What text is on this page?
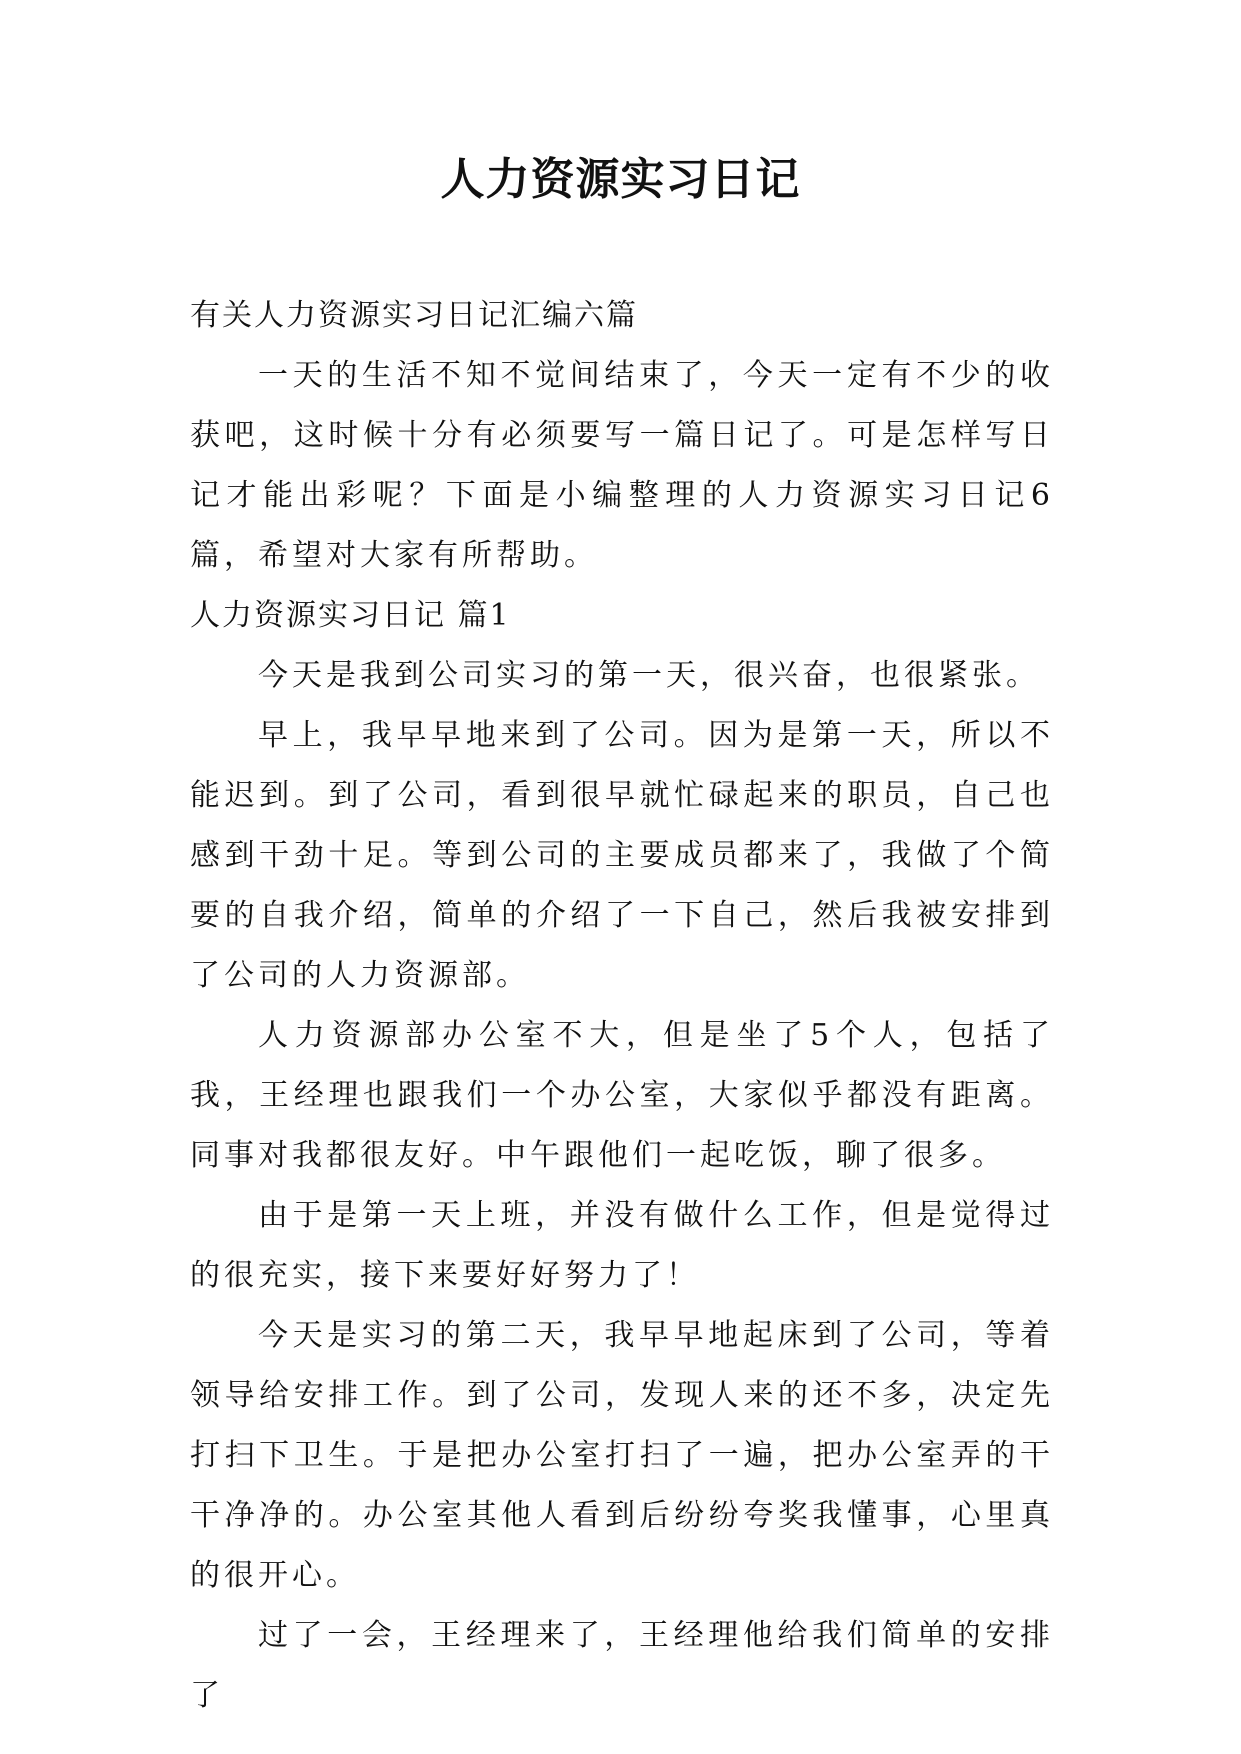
人力资源实习日记

有关人力资源实习日记汇编六篇

一天的生活不知不觉间结束了，今天一定有不少的收获吧，这时候十分有必须要写一篇日记了。可是怎样写日记才能出彩呢？下面是小编整理的人力资源实习日记6篇，希望对大家有所帮助。

人力资源实习日记 篇1

今天是我到公司实习的第一天，很兴奋，也很紧张。

早上，我早早地来到了公司。因为是第一天，所以不能迟到。到了公司，看到很早就忙碌起来的职员，自己也感到干劲十足。等到公司的主要成员都来了，我做了个简要的自我介绍，简单的介绍了一下自己，然后我被安排到了公司的人力资源部。

人力资源部办公室不大，但是坐了5个人，包括了我，王经理也跟我们一个办公室，大家似乎都没有距离。同事对我都很友好。中午跟他们一起吃饭，聊了很多。

由于是第一天上班，并没有做什么工作，但是觉得过的很充实，接下来要好好努力了！

今天是实习的第二天，我早早地起床到了公司，等着领导给安排工作。到了公司，发现人来的还不多，决定先打扫下卫生。于是把办公室打扫了一遍，把办公室弄的干干净净的。办公室其他人看到后纷纷夸奖我懂事，心里真的很开心。

过了一会，王经理来了，王经理他给我们简单的安排了
